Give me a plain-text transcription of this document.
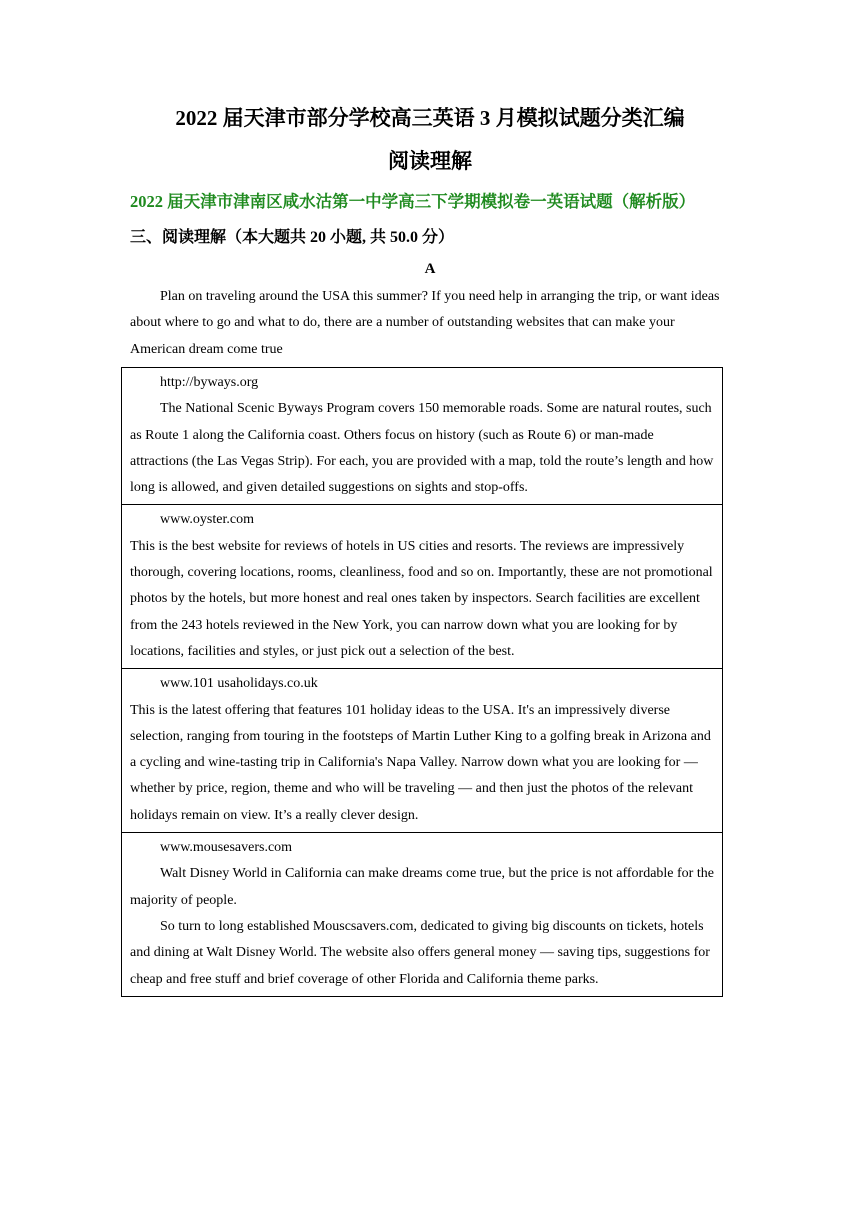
2022 届天津市部分学校高三英语 3 月模拟试题分类汇编
阅读理解
2022 届天津市津南区咸水沽第一中学高三下学期模拟卷一英语试题（解析版）
三、阅读理解（本大题共 20 小题, 共 50.0 分）
A

Plan on traveling around the USA this summer? If you need help in arranging the trip, or want ideas about where to go and what to do, there are a number of outstanding websites that can make your American dream come true

http://byways.org

The National Scenic Byways Program covers 150 memorable roads. Some are natural routes, such as Route 1 along the California coast. Others focus on history (such as Route 6) or man-made attractions (the Las Vegas Strip). For each, you are provided with a map, told the route’s length and how long is allowed, and given detailed suggestions on sights and stop-offs.

www.oyster.com

This is the best website for reviews of hotels in US cities and resorts. The reviews are impressively thorough, covering locations, rooms, cleanliness, food and so on. Importantly, these are not promotional photos by the hotels, but more honest and real ones taken by inspectors. Search facilities are excellent from the 243 hotels reviewed in the New York, you can narrow down what you are looking for by locations, facilities and styles, or just pick out a selection of the best.

www.101 usaholidays.co.uk

This is the latest offering that features 101 holiday ideas to the USA. It's an impressively diverse selection, ranging from touring in the footsteps of Martin Luther King to a golfing break in Arizona and a cycling and wine-tasting trip in California's Napa Valley. Narrow down what you are looking for — whether by price, region, theme and who will be traveling — and then just the photos of the relevant holidays remain on view. It’s a really clever design.

www.mousesavers.com

Walt Disney World in California can make dreams come true, but the price is not affordable for the majority of people.

So turn to long established Mouscsavers.com, dedicated to giving big discounts on tickets, hotels and dining at Walt Disney World. The website also offers general money — saving tips, suggestions for cheap and free stuff and brief coverage of other Florida and California theme parks.
